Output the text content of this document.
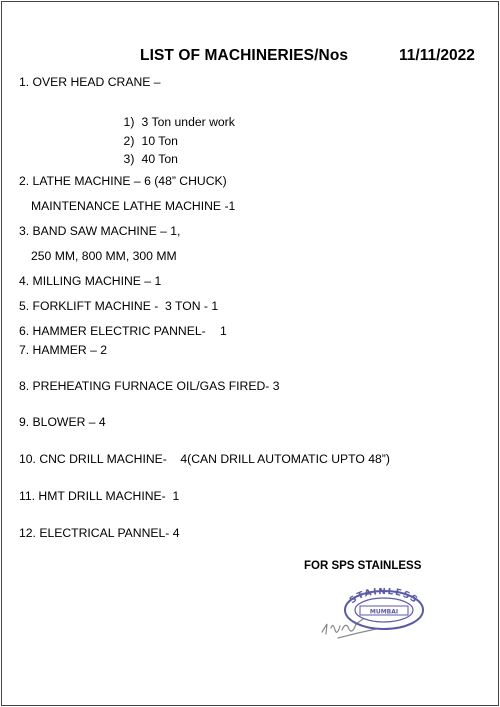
LIST OF MACHINERIES/Nos	11/11/2022
1. OVER HEAD CRANE –

1) 3 Ton under work

2) 10 Ton

3) 40 Ton

2. LATHE MACHINE – 6 (48” CHUCK)
MAINTENANCE LATHE MACHINE -1
3. BAND SAW MACHINE – 1,
250 MM, 800 MM, 300 MM
4. MILLING MACHINE – 1
5. FORKLIFT MACHINE -  3 TON - 1
6. HAMMER ELECTRIC PANNEL- 1
7. HAMMER – 2
8. PREHEATING FURNACE OIL/GAS FIRED- 3
9. BLOWER – 4
10. CNC DRILL MACHINE-    4(CAN DRILL AUTOMATIC UPTO 48”)
11. HMT DRILL MACHINE-  1
12. ELECTRICAL PANNEL- 4
FOR SPS STAINLESS
STAINLESS
MUMBAI
